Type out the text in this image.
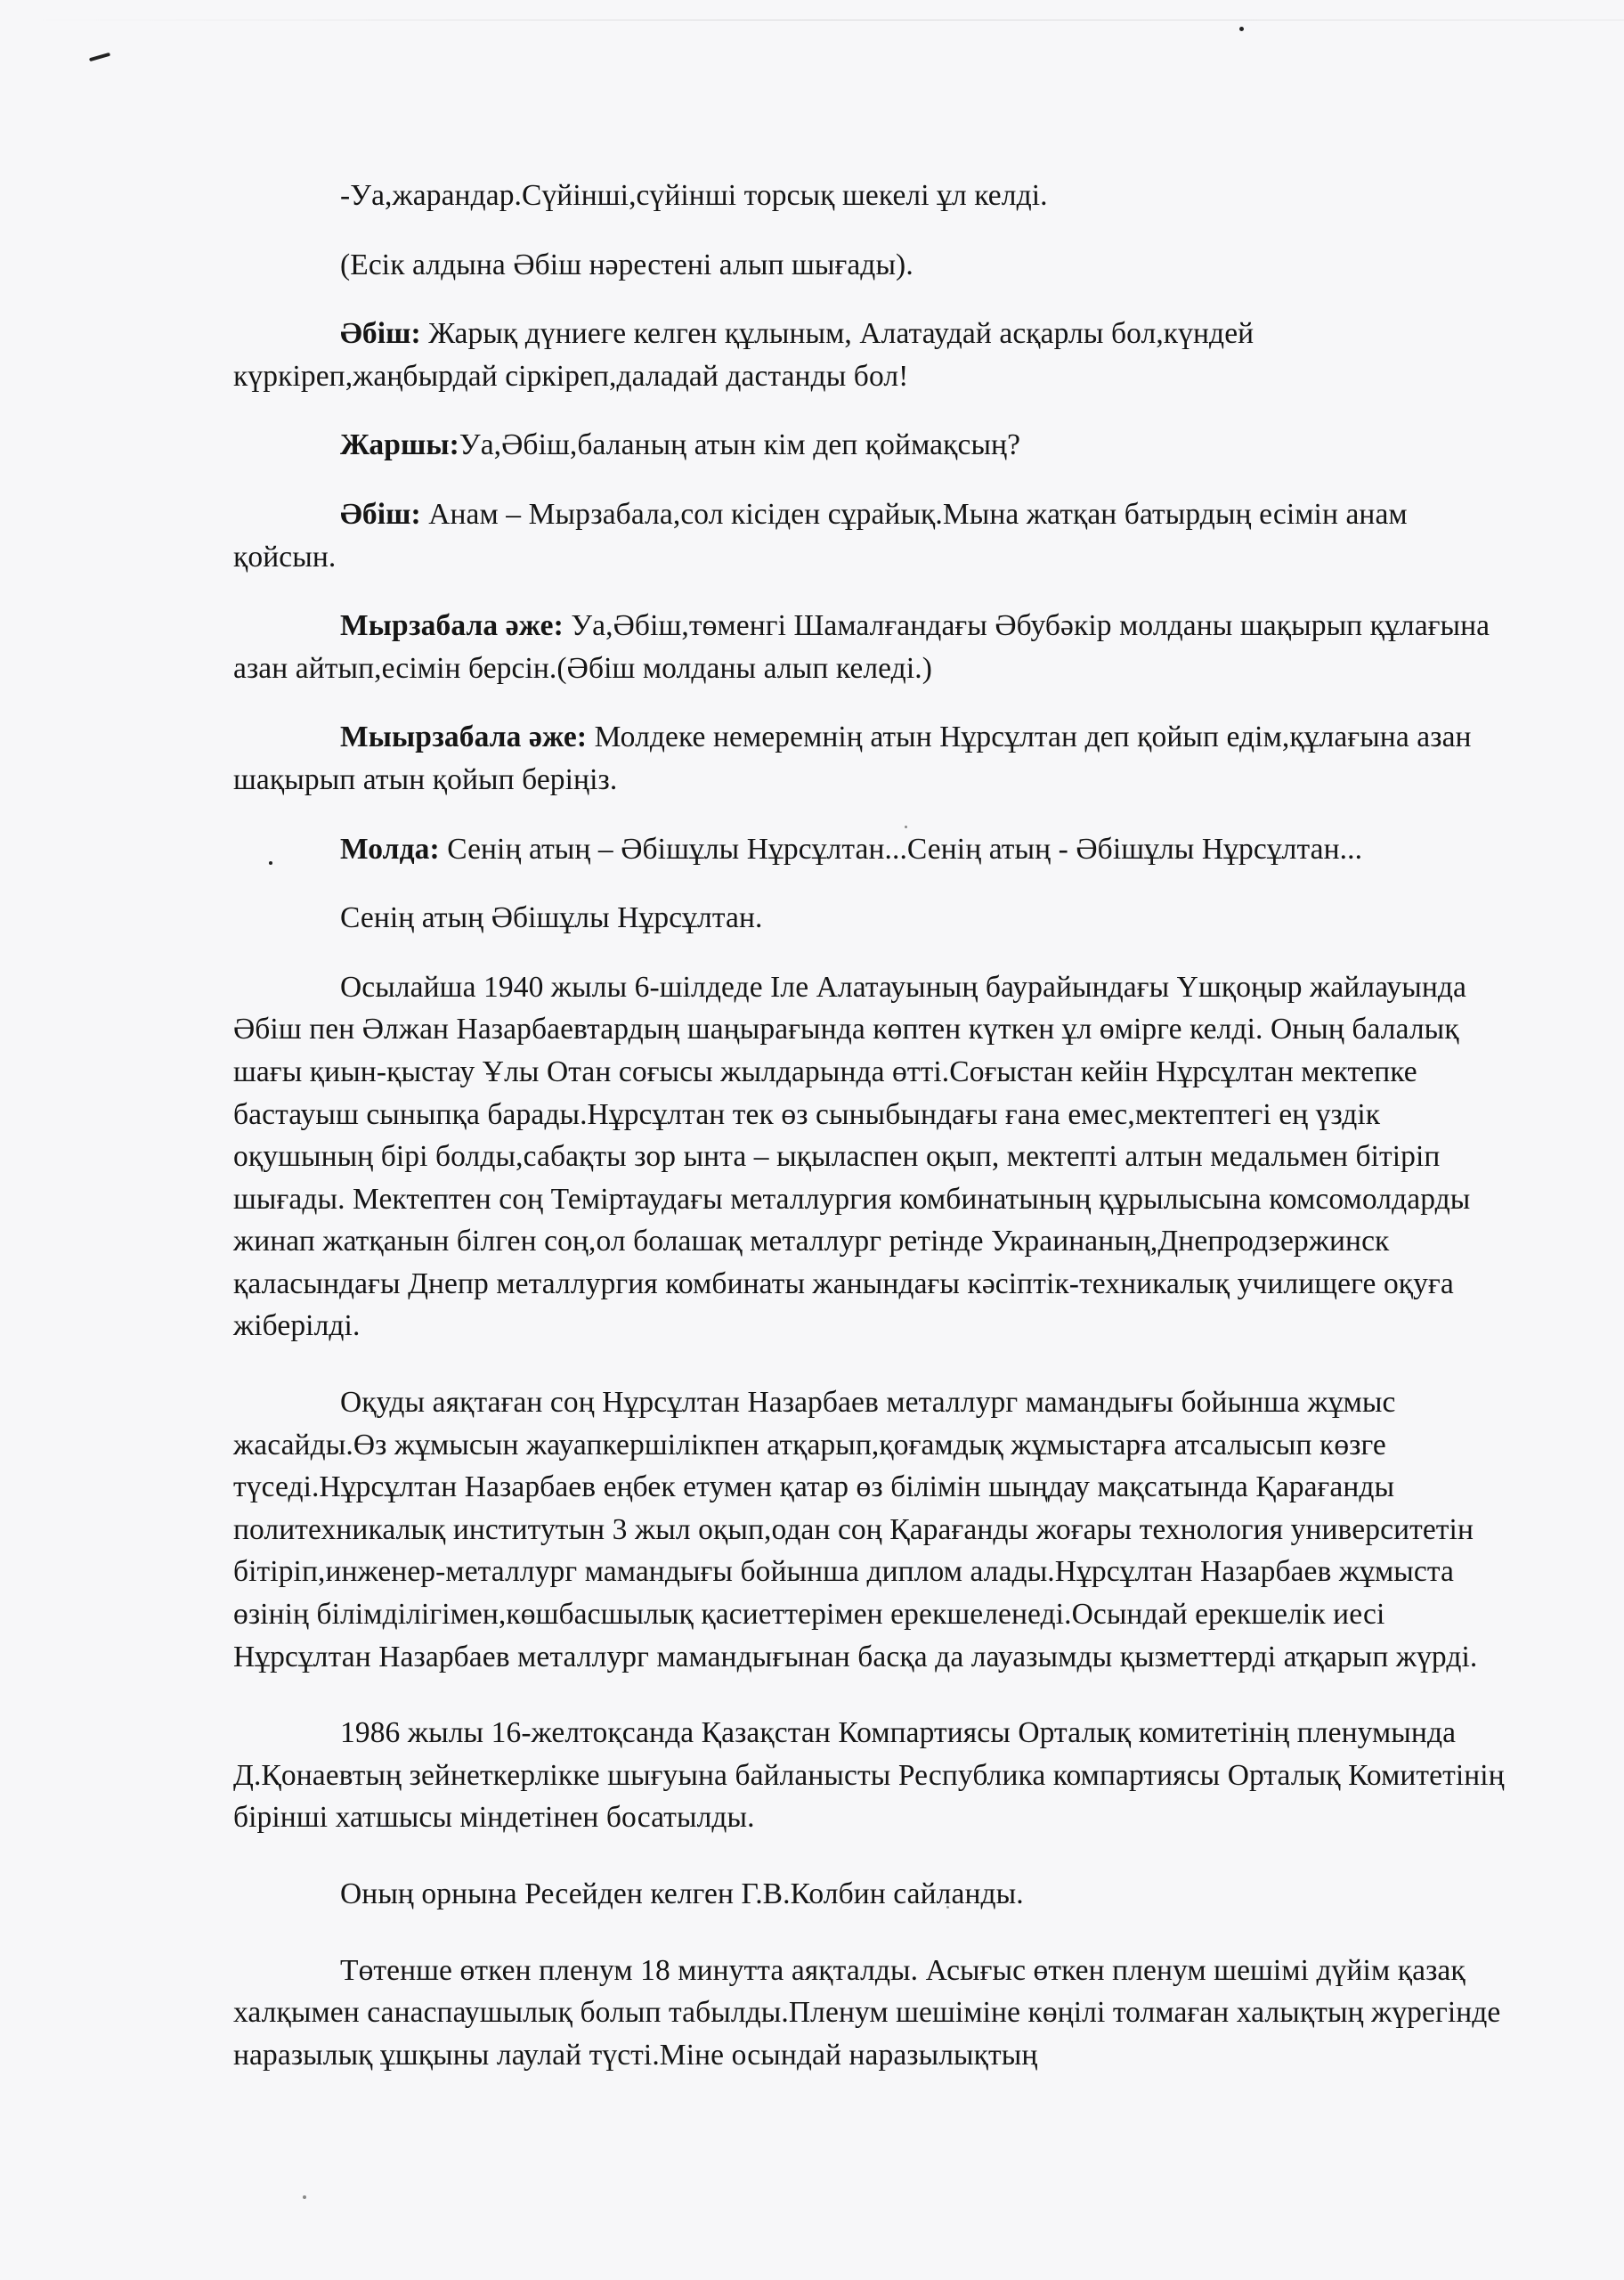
-Уа,жарандар.Сүйінші,сүйінші торсық шекелі ұл келді.

(Есік алдына Әбіш нәрестені алып шығады).

Әбіш: Жарық дүниеге келген құлыным, Алатаудай асқарлы бол,күндей күркіреп,жаңбырдай сіркіреп,даладай дастанды бол!

Жаршы:Уа,Әбіш,баланың атын кім деп қоймақсың?

Әбіш: Анам – Мырзабала,сол кісіден сұрайық.Мына жатқан батырдың есімін анам қойсын.

Мырзабала әже: Уа,Әбіш,төменгі Шамалғандағы Әбубәкір молданы шақырып құлағына азан айтып,есімін берсін.(Әбіш молданы алып келеді.)

Мыырзабала әже: Молдеке немеремнің атын Нұрсұлтан деп қойып едім,құлағына азан шақырып атын қойып беріңіз.

Молда: Сенің атың – Әбішұлы Нұрсұлтан...Сенің атың - Әбішұлы Нұрсұлтан...

Сенің атың Әбішұлы Нұрсұлтан.

Осылайша 1940 жылы 6-шілдеде Іле Алатауының баурайындағы Үшқоңыр жайлауында Әбіш пен Әлжан Назарбаевтардың шаңырағында көптен күткен ұл өмірге келді. Оның балалық шағы қиын-қыстау Ұлы Отан соғысы жылдарында өтті.Соғыстан кейін Нұрсұлтан мектепке бастауыш сыныпқа барады.Нұрсұлтан тек өз сыныбындағы ғана емес,мектептегі ең үздік оқушының бірі болды,сабақты зор ынта – ықыласпен оқып, мектепті алтын медальмен бітіріп шығады. Мектептен соң Теміртаудағы металлургия комбинатының құрылысына комсомолдарды жинап жатқанын білген соң,ол болашақ металлург ретінде Украинаның,Днепродзержинск қаласындағы Днепр металлургия комбинаты жанындағы кәсіптік-техникалық училищеге оқуға жіберілді.

Оқуды аяқтаған соң Нұрсұлтан Назарбаев металлург мамандығы бойынша жұмыс жасайды.Өз жұмысын жауапкершілікпен атқарып,қоғамдық жұмыстарға атсалысып көзге түседі.Нұрсұлтан Назарбаев еңбек етумен қатар өз білімін шыңдау мақсатында Қарағанды политехникалық институтын 3 жыл оқып,одан соң Қарағанды жоғары технология университетін бітіріп,инженер-металлург мамандығы бойынша диплом алады.Нұрсұлтан Назарбаев жұмыста өзінің білімділігімен,көшбасшылық қасиеттерімен ерекшеленеді.Осындай ерекшелік иесі Нұрсұлтан Назарбаев металлург мамандығынан басқа да лауазымды қызметтерді атқарып жүрді.

1986 жылы 16-желтоқсанда Қазақстан Компартиясы Орталық комитетінің пленумында Д.Қонаевтың зейнеткерлікке шығуына байланысты Республика компартиясы Орталық Комитетінің бірінші хатшысы міндетінен босатылды.

Оның орнына Ресейден келген Г.В.Колбин сайланды.

Төтенше өткен пленум 18 минутта аяқталды. Асығыс өткен пленум шешімі дүйім қазақ халқымен санаспаушылық болып табылды.Пленум шешіміне көңілі толмаған халықтың жүрегінде наразылық ұшқыны лаулай түсті.Міне осындай наразылықтың
